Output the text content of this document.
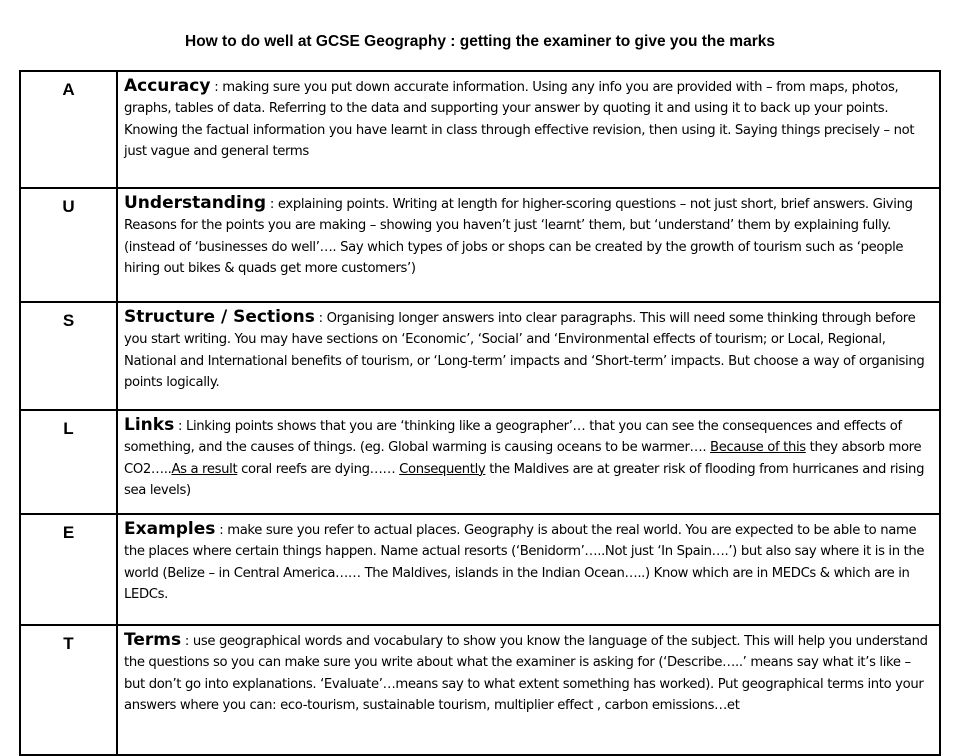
How to do well at GCSE Geography : getting the examiner to give you the marks
A	Accuracy : making sure you put down accurate information. Using any info you are provided with – from maps, photos, graphs, tables of data. Referring to the data and supporting your answer by quoting it and using it to back up your points. Knowing the factual information you have learnt in class through effective revision, then using it. Saying things precisely – not just vague and general terms
U	Understanding : explaining points. Writing at length for higher-scoring questions – not just short, brief answers. Giving Reasons for the points you are making – showing you haven’t just ‘learnt’ them, but ‘understand’ them by explaining fully. (instead of ‘businesses do well’…. Say which types of jobs or shops can be created by the growth of tourism such as ‘people hiring out bikes & quads get more customers’)
S	Structure / Sections : Organising longer answers into clear paragraphs. This will need some thinking through before you start writing. You may have sections on ‘Economic’, ‘Social’ and ‘Environmental effects of tourism; or Local, Regional, National and International benefits of tourism, or ‘Long-term’ impacts and ‘Short-term’ impacts. But choose a way of organising points logically.
L	Links : Linking points shows that you are ‘thinking like a geographer’… that you can see the consequences and effects of something, and the causes of things. (eg. Global warming is causing oceans to be warmer…. Because of this they absorb more CO2…..As a result coral reefs are dying…… Consequently the Maldives are at greater risk of flooding from hurricanes and rising sea levels)
E	Examples : make sure you refer to actual places. Geography is about the real world. You are expected to be able to name the places where certain things happen. Name actual resorts (‘Benidorm’…..Not just ‘In Spain….’) but also say where it is in the world (Belize – in Central America…… The Maldives, islands in the Indian Ocean…..) Know which are in MEDCs & which are in LEDCs.
T	Terms : use geographical words and vocabulary to show you know the language of the subject. This will help you understand the questions so you can make sure you write about what the examiner is asking for (‘Describe…..’ means say what it’s like – but don’t go into explanations. ‘Evaluate’…means say to what extent something has worked). Put geographical terms into your answers where you can: eco-tourism, sustainable tourism, multiplier effect , carbon emissions…et
